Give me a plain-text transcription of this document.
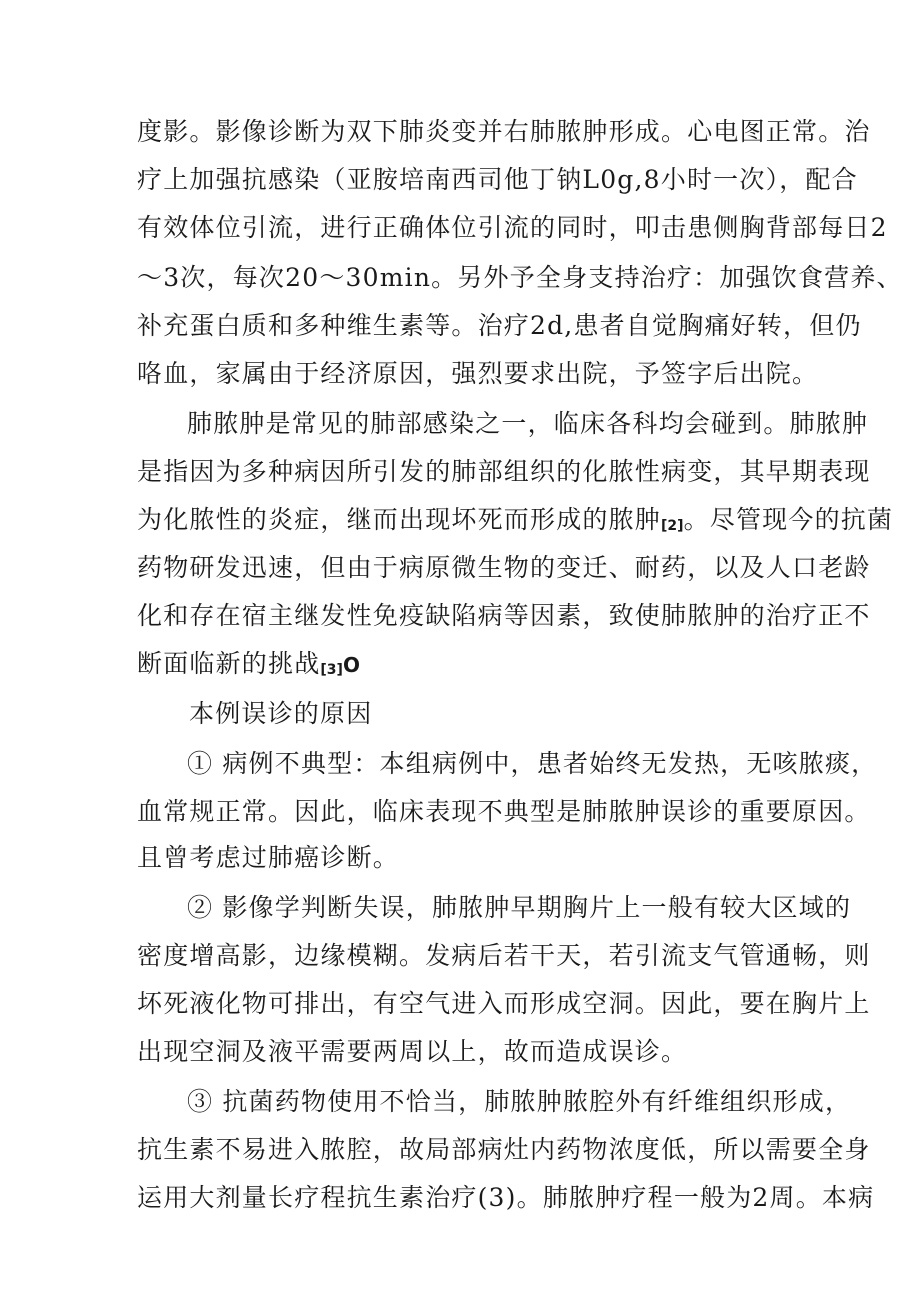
度影。影像诊断为双下肺炎变并右肺脓肿形成。心电图正常。治
疗上加强抗感染（亚胺培南西司他丁钠L0g,8小时一次），配合
有效体位引流，进行正确体位引流的同时，叩击患侧胸背部每日2
～3次，每次20～30min。另外予全身支持治疗：加强饮食营养、
补充蛋白质和多种维生素等。治疗2d,患者自觉胸痛好转，但仍
咯血，家属由于经济原因，强烈要求出院，予签字后出院。
肺脓肿是常见的肺部感染之一，临床各科均会碰到。肺脓肿
是指因为多种病因所引发的肺部组织的化脓性病变，其早期表现
为化脓性的炎症，继而出现坏死而形成的脓肿[2]。尽管现今的抗菌
药物研发迅速，但由于病原微生物的变迁、耐药，以及人口老龄
化和存在宿主继发性免疫缺陷病等因素，致使肺脓肿的治疗正不
断面临新的挑战[3]O
本例误诊的原因
① 病例不典型：本组病例中，患者始终无发热，无咳脓痰，
血常规正常。因此，临床表现不典型是肺脓肿误诊的重要原因。
且曾考虑过肺癌诊断。
② 影像学判断失误，肺脓肿早期胸片上一般有较大区域的
密度增高影，边缘模糊。发病后若干天，若引流支气管通畅，则
坏死液化物可排出，有空气进入而形成空洞。因此，要在胸片上
出现空洞及液平需要两周以上，故而造成误诊。
③ 抗菌药物使用不恰当，肺脓肿脓腔外有纤维组织形成，
抗生素不易进入脓腔，故局部病灶内药物浓度低，所以需要全身
运用大剂量长疗程抗生素治疗(3)。肺脓肿疗程一般为2周。本病
